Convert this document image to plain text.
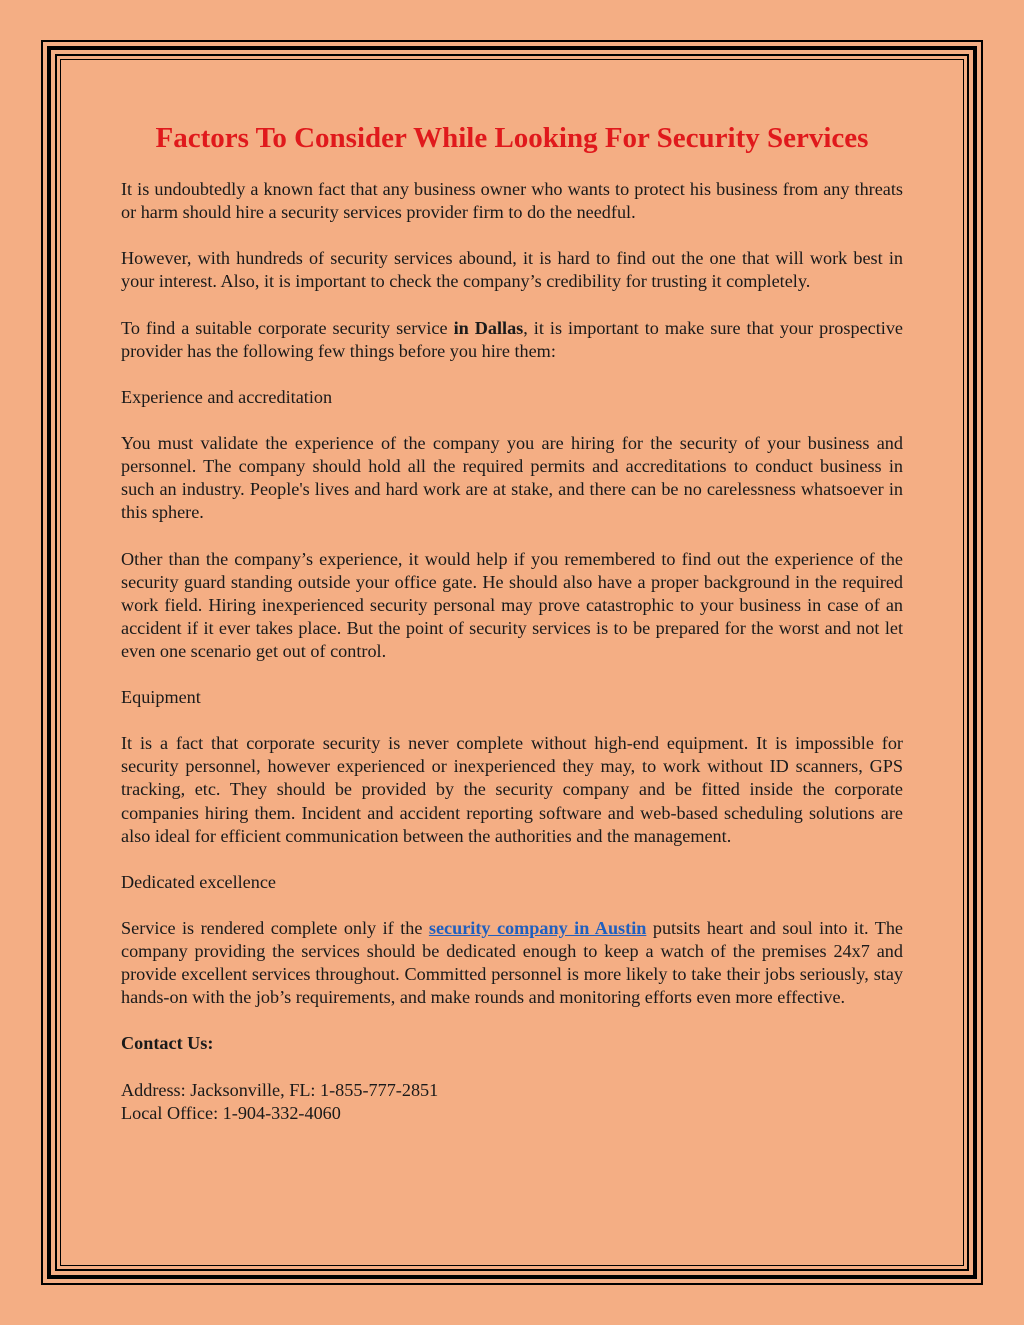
Factors To Consider While Looking For Security Services

It is undoubtedly a known fact that any business owner who wants to protect his business from any threats or harm should hire a security services provider firm to do the needful.

However, with hundreds of security services abound, it is hard to find out the one that will work best in your interest. Also, it is important to check the company’s credibility for trusting it completely.

To find a suitable corporate security service in Dallas, it is important to make sure that your prospective provider has the following few things before you hire them:

Experience and accreditation

You must validate the experience of the company you are hiring for the security of your business and personnel. The company should hold all the required permits and accreditations to conduct business in such an industry. People's lives and hard work are at stake, and there can be no carelessness whatsoever in this sphere.

Other than the company’s experience, it would help if you remembered to find out the experience of the security guard standing outside your office gate. He should also have a proper background in the required work field. Hiring inexperienced security personal may prove catastrophic to your business in case of an accident if it ever takes place. But the point of security services is to be prepared for the worst and not let even one scenario get out of control.

Equipment

It is a fact that corporate security is never complete without high-end equipment. It is impossible for security personnel, however experienced or inexperienced they may, to work without ID scanners, GPS tracking, etc. They should be provided by the security company and be fitted inside the corporate companies hiring them. Incident and accident reporting software and web-based scheduling solutions are also ideal for efficient communication between the authorities and the management.

Dedicated excellence

Service is rendered complete only if the security company in Austin putsits heart and soul into it. The company providing the services should be dedicated enough to keep a watch of the premises 24x7 and provide excellent services throughout. Committed personnel is more likely to take their jobs seriously, stay hands-on with the job’s requirements, and make rounds and monitoring efforts even more effective.

Contact Us:

Address: Jacksonville, FL: 1-855-777-2851

Local Office: 1-904-332-4060
